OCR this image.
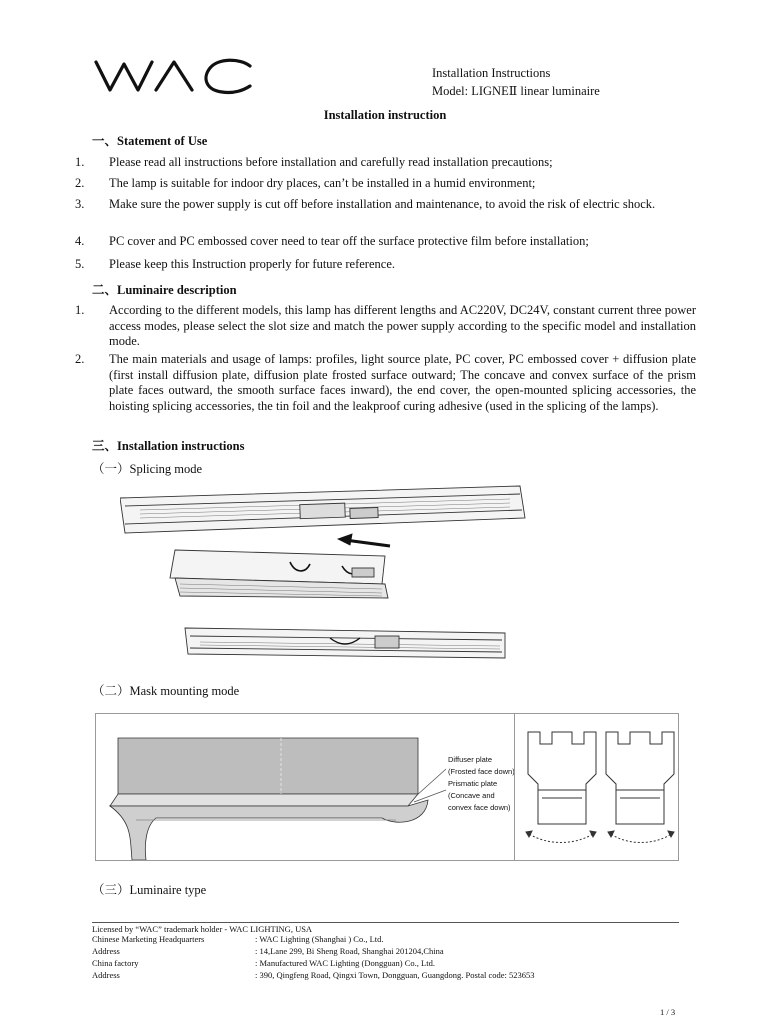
Installation Instructions
Model: LIGNEⅡ linear luminaire
Installation instruction
一、Statement of Use
1. Please read all instructions before installation and carefully read installation precautions;
2. The lamp is suitable for indoor dry places, can’t be installed in a humid environment;
3. Make sure the power supply is cut off before installation and maintenance, to avoid the risk of electric shock.
4. PC cover and PC embossed cover need to tear off the surface protective film before installation;
5. Please keep this Instruction properly for future reference.
二、Luminaire description
1. According to the different models, this lamp has different lengths and AC220V, DC24V, constant current three power access modes, please select the slot size and match the power supply according to the specific model and installation mode.
2. The main materials and usage of lamps: profiles, light source plate, PC cover, PC embossed cover + diffusion plate (first install diffusion plate, diffusion plate frosted surface outward; The concave and convex surface of the prism plate faces outward, the smooth surface faces inward), the end cover, the open-mounted splicing accessories, the hoisting splicing accessories, the tin foil and the leakproof curing adhesive (used in the splicing of the lamps).
三、Installation instructions
（一）Splicing mode
（二）Mask mounting mode
Diffuser plate
(Frosted face down)
Prismatic plate
(Concave and
convex face down)
（三）Luminaire type
Licensed by “WAC” trademark holder - WAC LIGHTING, USA
Chinese Marketing Headquarters	: WAC Lighting (Shanghai ) Co., Ltd.
Address	: 14,Lane 299, Bi Sheng Road, Shanghai 201204,China
China factory	: Manufactured WAC Lighting (Dongguan) Co., Ltd.
Address	: 390, Qingfeng Road, Qingxi Town, Dongguan, Guangdong. Postal code: 523653
1 / 3
